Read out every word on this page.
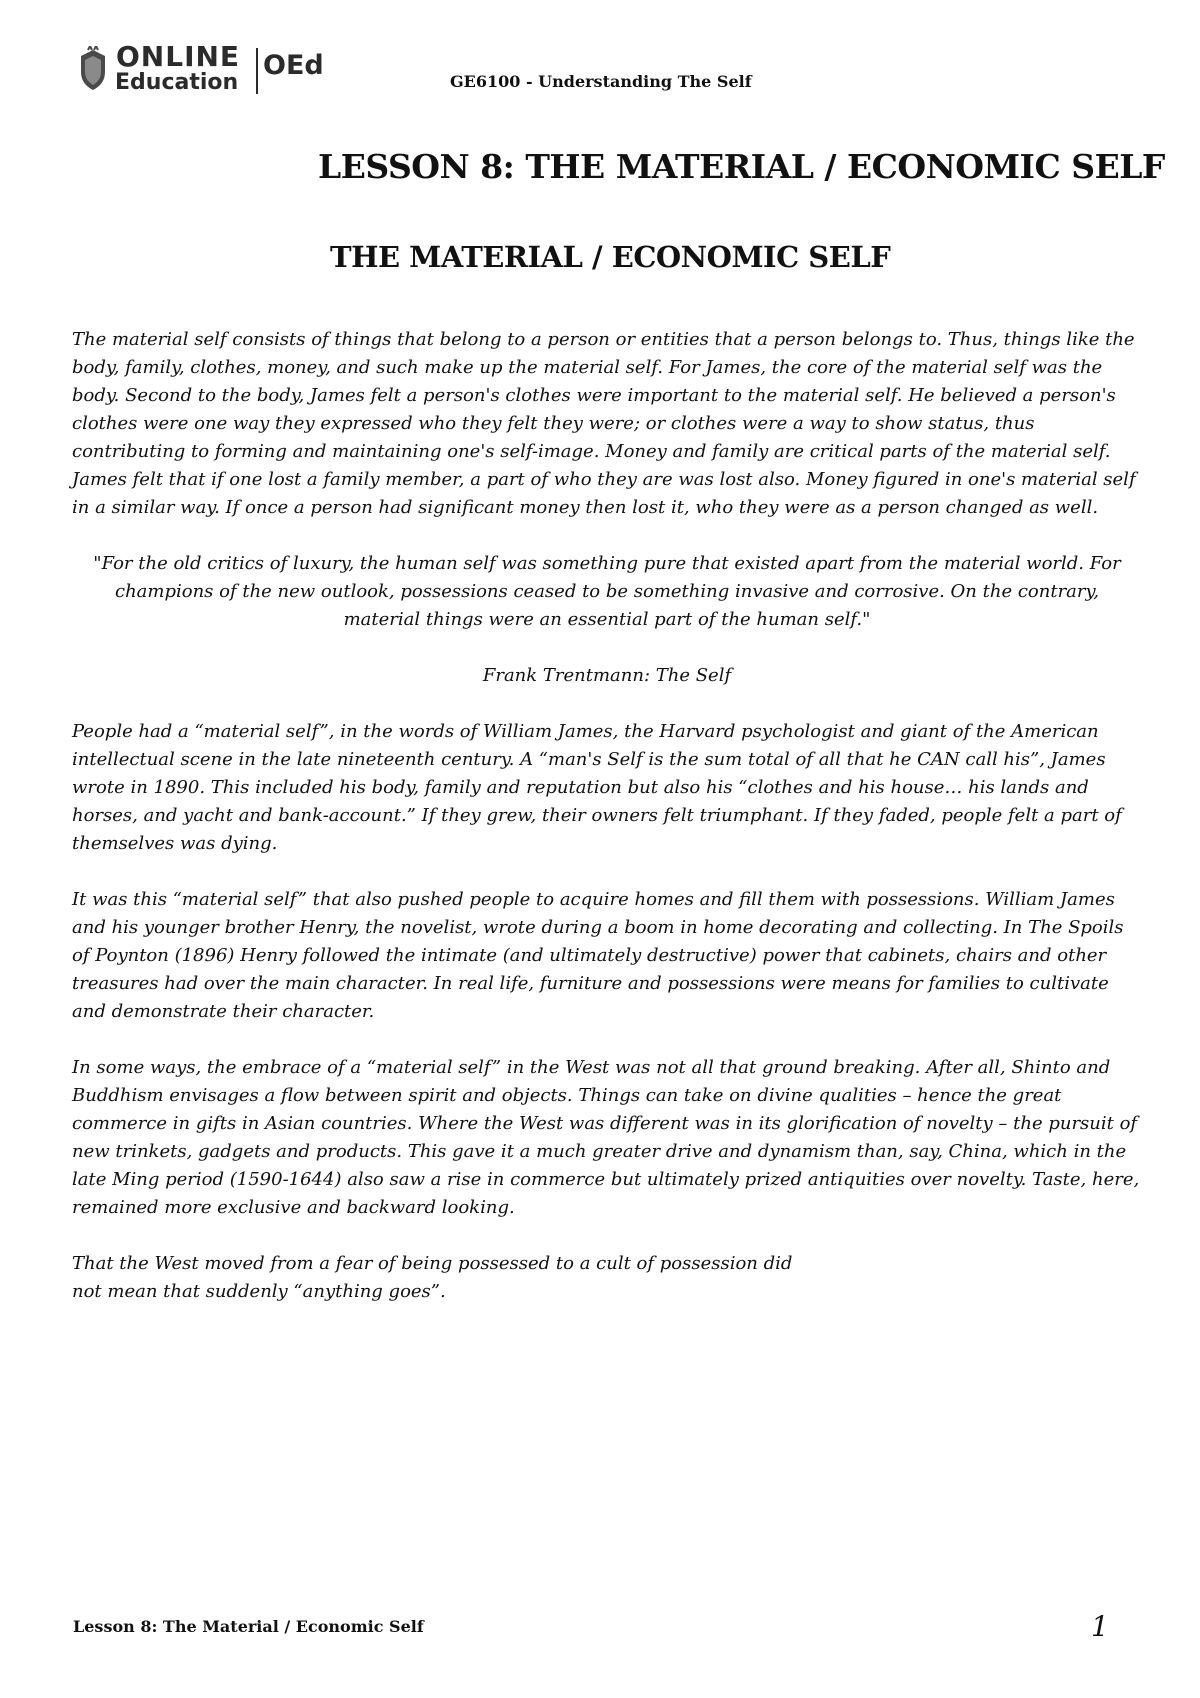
ONLINE
Education
OEd
GE6100 - Understanding The Self
LESSON 8: THE MATERIAL / ECONOMIC SELF
THE MATERIAL / ECONOMIC SELF

The material self consists of things that belong to a person or entities that a person belongs to. Thus, things like the body, family, clothes, money, and such make up the material self. For James, the core of the material self was the body. Second to the body, James felt a person's clothes were important to the material self. He believed a person's clothes were one way they expressed who they felt they were; or clothes were a way to show status, thus contributing to forming and maintaining one's self-image. Money and family are critical parts of the material self. James felt that if one lost a family member, a part of who they are was lost also. Money figured in one's material self in a similar way. If once a person had significant money then lost it, who they were as a person changed as well.

"For the old critics of luxury, the human self was something pure that existed apart from the material world. For champions of the new outlook, possessions ceased to be something invasive and corrosive. On the contrary, material things were an essential part of the human self."

Frank Trentmann: The Self

People had a “material self”, in the words of William James, the Harvard psychologist and giant of the American intellectual scene in the late nineteenth century. A “man's Self is the sum total of all that he CAN call his”, James wrote in 1890. This included his body, family and reputation but also his “clothes and his house… his lands and horses, and yacht and bank-account.” If they grew, their owners felt triumphant. If they faded, people felt a part of themselves was dying.

It was this “material self” that also pushed people to acquire homes and fill them with possessions. William James and his younger brother Henry, the novelist, wrote during a boom in home decorating and collecting. In The Spoils of Poynton (1896) Henry followed the intimate (and ultimately destructive) power that cabinets, chairs and other treasures had over the main character. In real life, furniture and possessions were means for families to cultivate and demonstrate their character.

In some ways, the embrace of a “material self” in the West was not all that ground breaking. After all, Shinto and Buddhism envisages a flow between spirit and objects. Things can take on divine qualities – hence the great commerce in gifts in Asian countries. Where the West was different was in its glorification of novelty – the pursuit of new trinkets, gadgets and products. This gave it a much greater drive and dynamism than, say, China, which in the late Ming period (1590-1644) also saw a rise in commerce but ultimately prized antiquities over novelty. Taste, here, remained more exclusive and backward looking.

That the West moved from a fear of being possessed to a cult of possession did
not mean that suddenly “anything goes”.

Lesson 8: The Material / Economic Self	1
